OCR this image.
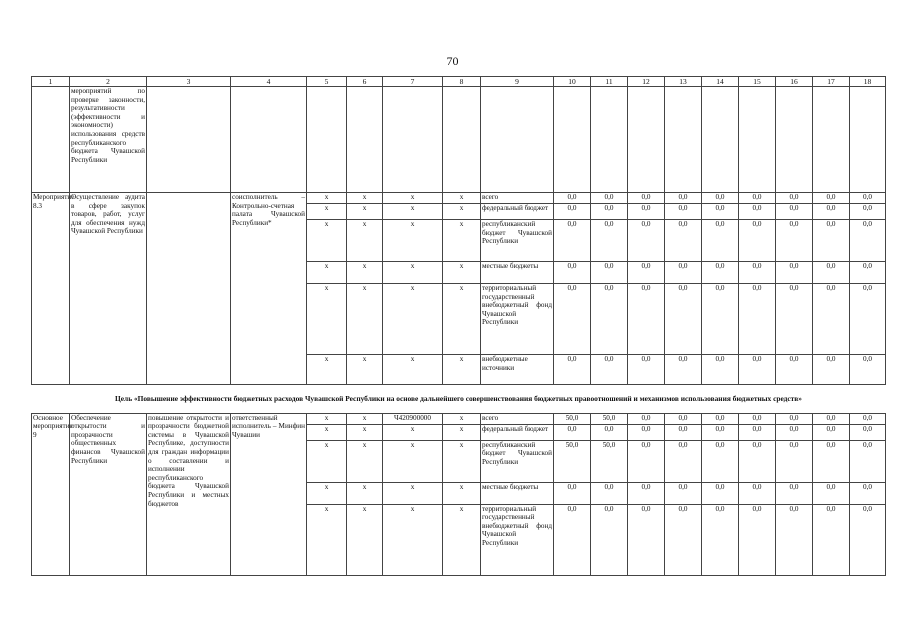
70
1	2	3	4	5	6	7	8	9	10	11	12	13	14	15	16	17	18
	мероприятий по проверке законности, результативности (эффективности и экономности) использования средств республиканского бюджета Чувашской Республики																
Мероприятие 8.3	Осуществление аудита в сфере закупок товаров, работ, услуг для обеспечения нужд Чувашской Республики		соисполнитель – Контрольно-счетная палата Чувашской Республики*	x	x	x	x	всего	0,0	0,0	0,0	0,0	0,0	0,0	0,0	0,0	0,0
				x	x	x	x	федеральный бюджет	0,0	0,0	0,0	0,0	0,0	0,0	0,0	0,0	0,0
				x	x	x	x	республиканский бюджет Чувашской Республики	0,0	0,0	0,0	0,0	0,0	0,0	0,0	0,0	0,0
				x	x	x	x	местные бюджеты	0,0	0,0	0,0	0,0	0,0	0,0	0,0	0,0	0,0
				x	x	x	x	территориальный государственный внебюджетный фонд Чувашской Республики	0,0	0,0	0,0	0,0	0,0	0,0	0,0	0,0	0,0
				x	x	x	x	внебюджетные источники	0,0	0,0	0,0	0,0	0,0	0,0	0,0	0,0	0,0
Цель «Повышение эффективности бюджетных расходов Чувашской Республики на основе дальнейшего совершенствования бюджетных правоотношений и механизмов использования бюджетных средств»																	
Основное мероприятие 9	Обеспечение открытости и прозрачности общественных финансов Чувашской Республики	повышение открытости и прозрачности бюджетной системы в Чувашской Республике, доступности для граждан информации о составлении и исполнении республиканского бюджета Чувашской Республики и местных бюджетов	ответственный исполнитель – Минфин Чувашии	x	x	Ч420900000	x	всего	50,0	50,0	0,0	0,0	0,0	0,0	0,0	0,0	0,0
				x	x	x	x	федеральный бюджет	0,0	0,0	0,0	0,0	0,0	0,0	0,0	0,0	0,0
				x	x	x	x	республиканский бюджет Чувашской Республики	50,0	50,0	0,0	0,0	0,0	0,0	0,0	0,0	0,0
				x	x	x	x	местные бюджеты	0,0	0,0	0,0	0,0	0,0	0,0	0,0	0,0	0,0
				x	x	x	x	территориальный государственный внебюджетный фонд Чувашской Республики	0,0	0,0	0,0	0,0	0,0	0,0	0,0	0,0	0,0
